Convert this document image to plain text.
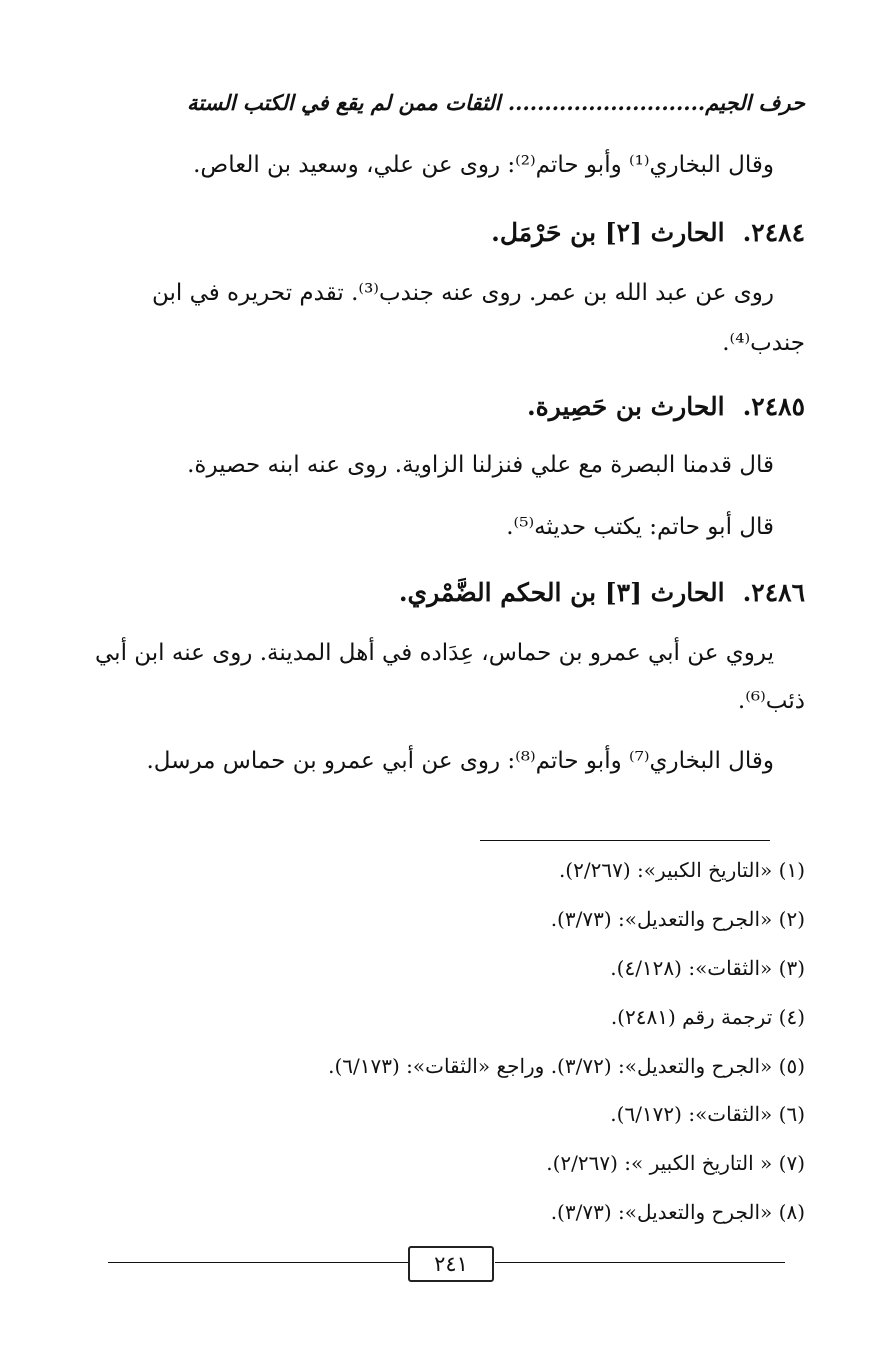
حرف الجيم........................... الثقات ممن لم يقع في الكتب الستة
وقال البخاري⁽¹⁾ وأبو حاتم⁽²⁾: روى عن علي، وسعيد بن العاص.
٢٤٨٤.الحارث [٢] بن حَرْمَل.
روى عن عبد الله بن عمر. روى عنه جندب⁽³⁾. تقدم تحريره في ابن
جندب⁽⁴⁾.
٢٤٨٥.الحارث بن حَصِيرة.
قال قدمنا البصرة مع علي فنزلنا الزاوية. روى عنه ابنه حصيرة.
قال أبو حاتم: يكتب حديثه⁽⁵⁾.
٢٤٨٦.الحارث [٣] بن الحكم الضَّمْري.
يروي عن أبي عمرو بن حماس، عِدَاده في أهل المدينة. روى عنه ابن أبي
ذئب⁽⁶⁾.
وقال البخاري⁽⁷⁾ وأبو حاتم⁽⁸⁾: روى عن أبي عمرو بن حماس مرسل.
(١) «التاريخ الكبير»: (٢/٢٦٧).
(٢) «الجرح والتعديل»: (٣/٧٣).
(٣) «الثقات»: (٤/١٢٨).
(٤) ترجمة رقم (٢٤٨١).
(٥) «الجرح والتعديل»: (٣/٧٢). وراجع «الثقات»: (٦/١٧٣).
(٦) «الثقات»: (٦/١٧٢).
(٧) « التاريخ الكبير »: (٢/٢٦٧).
(٨) «الجرح والتعديل»: (٣/٧٣).
٢٤١
